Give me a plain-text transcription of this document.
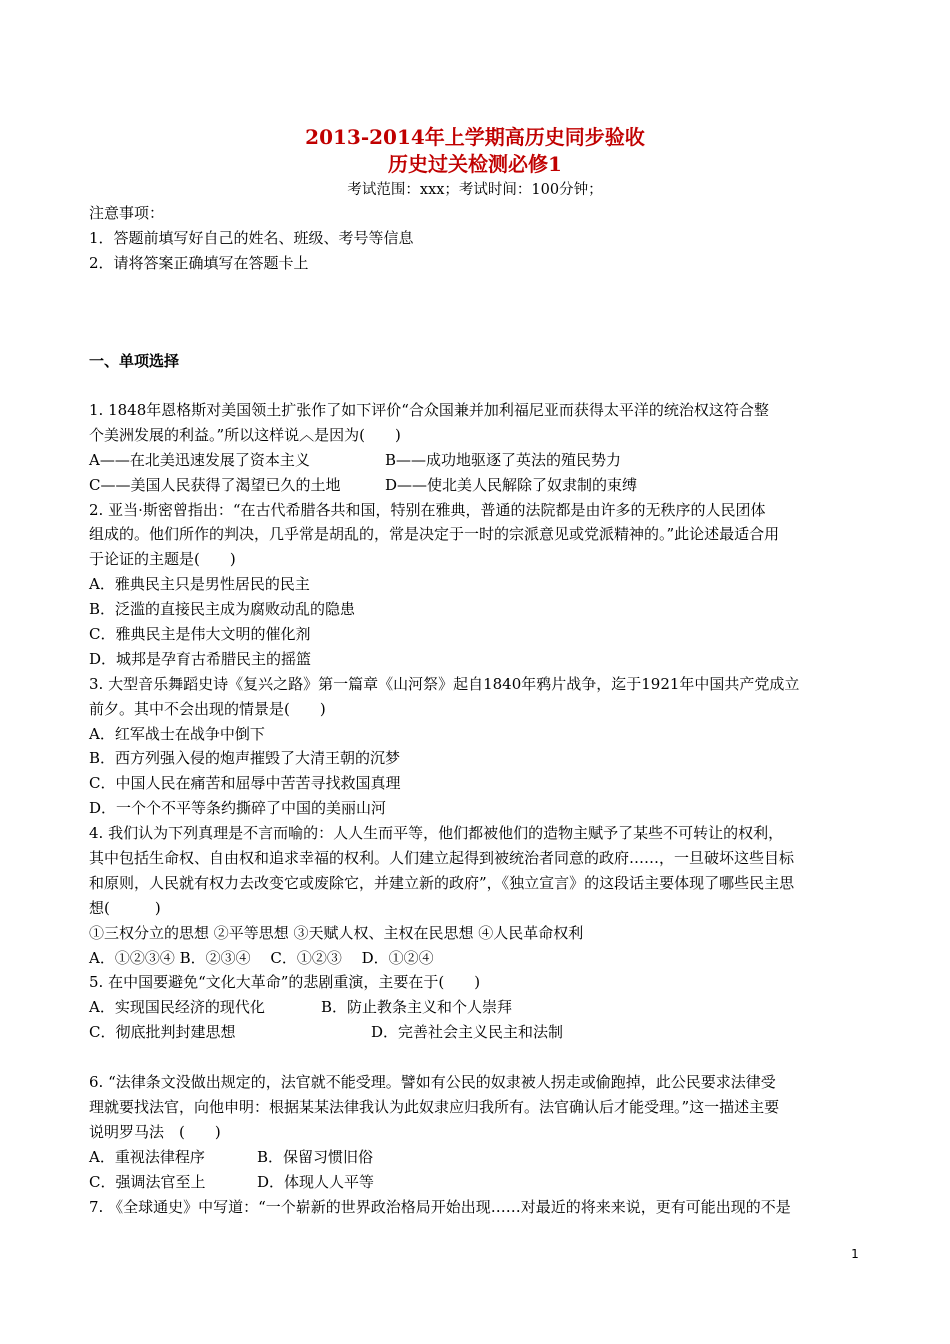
2013-2014年上学期高历史同步验收
历史过关检测必修1
考试范围：xxx；考试时间：100分钟；
注意事项：
1．答题前填写好自己的姓名、班级、考号等信息
2．请将答案正确填写在答题卡上
一、单项选择
1. 1848年恩格斯对美国领土扩张作了如下评价“合众国兼并加利福尼亚而获得太平洋的统治权这符合整
个美洲发展的利益。”所以这样说︿是因为(　　)
A——在北美迅速发展了资本主义	B——成功地驱逐了英法的殖民势力
C——美国人民获得了渴望已久的土地	D——使北美人民解除了奴隶制的束缚
2. 亚当·斯密曾指出：“在古代希腊各共和国，特别在雅典，普通的法院都是由许多的无秩序的人民团体
组成的。他们所作的判决，几乎常是胡乱的，常是决定于一时的宗派意见或党派精神的。”此论述最适合用
于论证的主题是(　　)
A．雅典民主只是男性居民的民主
B．泛滥的直接民主成为腐败动乱的隐患
C．雅典民主是伟大文明的催化剂
D．城邦是孕育古希腊民主的摇篮
3. 大型音乐舞蹈史诗《复兴之路》第一篇章《山河祭》起自1840年鸦片战争，迄于1921年中国共产党成立
前夕。其中不会出现的情景是(　　)
A．红军战士在战争中倒下
B．西方列强入侵的炮声摧毁了大清王朝的沉梦
C．中国人民在痛苦和屈辱中苦苦寻找救国真理
D．一个个不平等条约撕碎了中国的美丽山河
4. 我们认为下列真理是不言而喻的：人人生而平等，他们都被他们的造物主赋予了某些不可转让的权利，
其中包括生命权、自由权和追求幸福的权利。人们建立起得到被统治者同意的政府……，一旦破坏这些目标
和原则，人民就有权力去改变它或废除它，并建立新的政府”，《独立宣言》的这段话主要体现了哪些民主思
想(　　　)
①三权分立的思想 ②平等思想 ③天赋人权、主权在民思想 ④人民革命权利
A．①②③④ B．②③④　 C．①②③　 D．①②④
5. 在中国要避免“文化大革命”的悲剧重演，主要在于(　　)
A．实现国民经济的现代化	B．防止教条主义和个人崇拜
C．彻底批判封建思想	D．完善社会主义民主和法制
6. “法律条文没做出规定的，法官就不能受理。譬如有公民的奴隶被人拐走或偷跑掉，此公民要求法律受
理就要找法官，向他申明：根据某某法律我认为此奴隶应归我所有。法官确认后才能受理。”这一描述主要
说明罗马法　(　　)
A．重视法律程序	B．保留习惯旧俗
C．强调法官至上	D．体现人人平等
7. 《全球通史》中写道：“一个崭新的世界政治格局开始出现……对最近的将来来说，更有可能出现的不是
1
